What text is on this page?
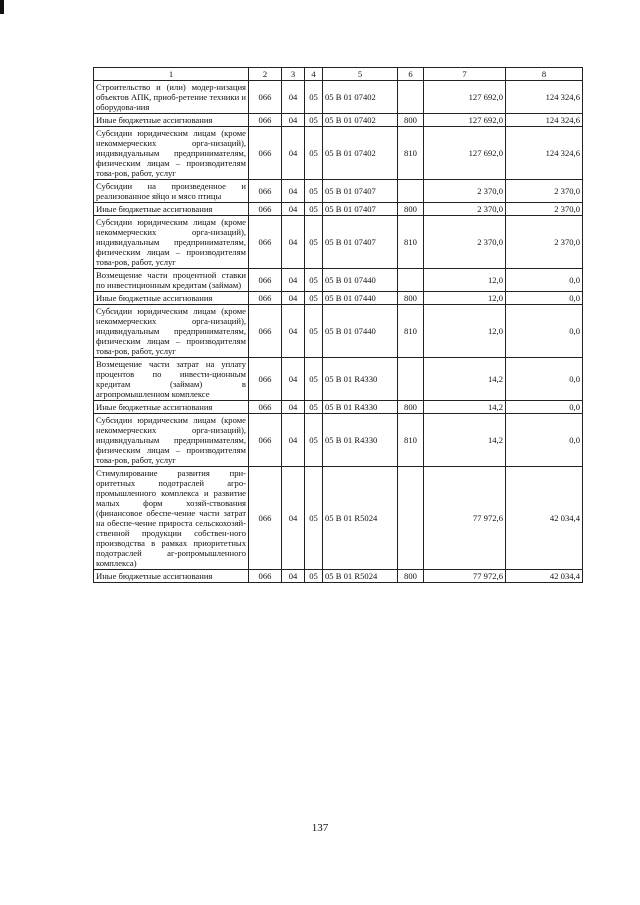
1	2	3	4	5	6	7	8
Строительство и (или) модер-низация объектов АПК, приоб-ретение техники и оборудова-ния	066	04	05	05 В 01 07402		127 692,0	124 324,6
Иные бюджетные ассигнования	066	04	05	05 В 01 07402	800	127 692,0	124 324,6
Субсидии юридическим лицам (кроме некоммерческих орга-низаций), индивидуальным предпринимателям, физическим лицам – производителям това-ров, работ, услуг	066	04	05	05 В 01 07402	810	127 692,0	124 324,6
Субсидии на произведенное и реализованное яйцо и мясо птицы	066	04	05	05 В 01 07407		2 370,0	2 370,0
Иные бюджетные ассигнования	066	04	05	05 В 01 07407	800	2 370,0	2 370,0
Субсидии юридическим лицам (кроме некоммерческих орга-низаций), индивидуальным предпринимателям, физическим лицам – производителям това-ров, работ, услуг	066	04	05	05 В 01 07407	810	2 370,0	2 370,0
Возмещение части процентной ставки по инвестиционным кредитам (займам)	066	04	05	05 В 01 07440		12,0	0,0
Иные бюджетные ассигнования	066	04	05	05 В 01 07440	800	12,0	0,0
Субсидии юридическим лицам (кроме некоммерческих орга-низаций), индивидуальным предпринимателям, физическим лицам – производителям това-ров, работ, услуг	066	04	05	05 В 01 07440	810	12,0	0,0
Возмещение части затрат на уплату процентов по инвести-ционным кредитам (займам) в агропромышленном комплексе	066	04	05	05 В 01 R4330		14,2	0,0
Иные бюджетные ассигнования	066	04	05	05 В 01 R4330	800	14,2	0,0
Субсидии юридическим лицам (кроме некоммерческих орга-низаций), индивидуальным предпринимателям, физическим лицам – производителям това-ров, работ, услуг	066	04	05	05 В 01 R4330	810	14,2	0,0
Стимулирование развития при-оритетных подотраслей агро-промышленного комплекса и развитие малых форм хозяй-ствования (финансовое обеспе-чение части затрат на обеспе-чение прироста сельскохозяй-ственной продукции собствен-ного производства в рамках приоритетных подотраслей аг-ропромышленного комплекса)	066	04	05	05 В 01 R5024		77 972,6	42 034,4
Иные бюджетные ассигнования	066	04	05	05 В 01 R5024	800	77 972,6	42 034,4
137
